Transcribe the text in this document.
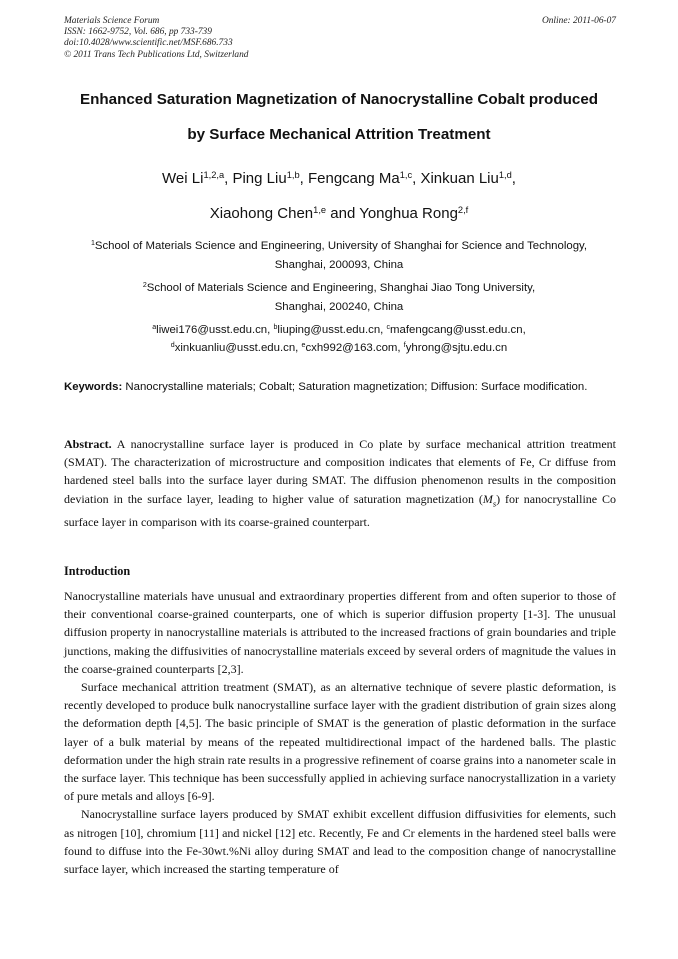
Materials Science Forum
ISSN: 1662-9752, Vol. 686, pp 733-739
doi:10.4028/www.scientific.net/MSF.686.733
© 2011 Trans Tech Publications Ltd, Switzerland
Online: 2011-06-07
Enhanced Saturation Magnetization of Nanocrystalline Cobalt produced
by Surface Mechanical Attrition Treatment
Wei Li$^{1,2,a}$, Ping Liu$^{1,b}$, Fengcang Ma$^{1,c}$, Xinkuan Liu$^{1,d}$,
Xiaohong Chen$^{1,e}$ and Yonghua Rong$^{2,f}$
$^1$School of Materials Science and Engineering, University of Shanghai for Science and Technology,
Shanghai, 200093, China
$^2$School of Materials Science and Engineering, Shanghai Jiao Tong University,
Shanghai, 200240, China
$^a$liwei176@usst.edu.cn, $^b$liuping@usst.edu.cn, $^c$mafengcang@usst.edu.cn,
$^d$xinkuanliu@usst.edu.cn, $^e$cxh992@163.com, $^f$yhrong@sjtu.edu.cn
Keywords: Nanocrystalline materials; Cobalt; Saturation magnetization; Diffusion: Surface modification.
Abstract. A nanocrystalline surface layer is produced in Co plate by surface mechanical attrition treatment (SMAT). The characterization of microstructure and composition indicates that elements of Fe, Cr diffuse from hardened steel balls into the surface layer during SMAT. The diffusion phenomenon results in the composition deviation in the surface layer, leading to higher value of saturation magnetization $(M_s)$ for nanocrystalline Co surface layer in comparison with its coarse-grained counterpart.
Introduction

Nanocrystalline materials have unusual and extraordinary properties different from and often superior to those of their conventional coarse-grained counterparts, one of which is superior diffusion property [1-3]. The unusual diffusion property in nanocrystalline materials is attributed to the increased fractions of grain boundaries and triple junctions, making the diffusivities of nanocrystalline materials exceed by several orders of magnitude the values in the coarse-grained counterparts [2,3].

Surface mechanical attrition treatment (SMAT), as an alternative technique of severe plastic deformation, is recently developed to produce bulk nanocrystalline surface layer with the gradient distribution of grain sizes along the deformation depth [4,5]. The basic principle of SMAT is the generation of plastic deformation in the surface layer of a bulk material by means of the repeated multidirectional impact of the hardened balls. The plastic deformation under the high strain rate results in a progressive refinement of coarse grains into a nanometer scale in the surface layer. This technique has been successfully applied in achieving surface nanocrystallization in a variety of pure metals and alloys [6-9].

Nanocrystalline surface layers produced by SMAT exhibit excellent diffusion diffusivities for elements, such as nitrogen [10], chromium [11] and nickel [12] etc. Recently, Fe and Cr elements in the hardened steel balls were found to diffuse into the Fe-30wt.%Ni alloy during SMAT and lead to the composition change of nanocrystalline surface layer, which increased the starting temperature of
